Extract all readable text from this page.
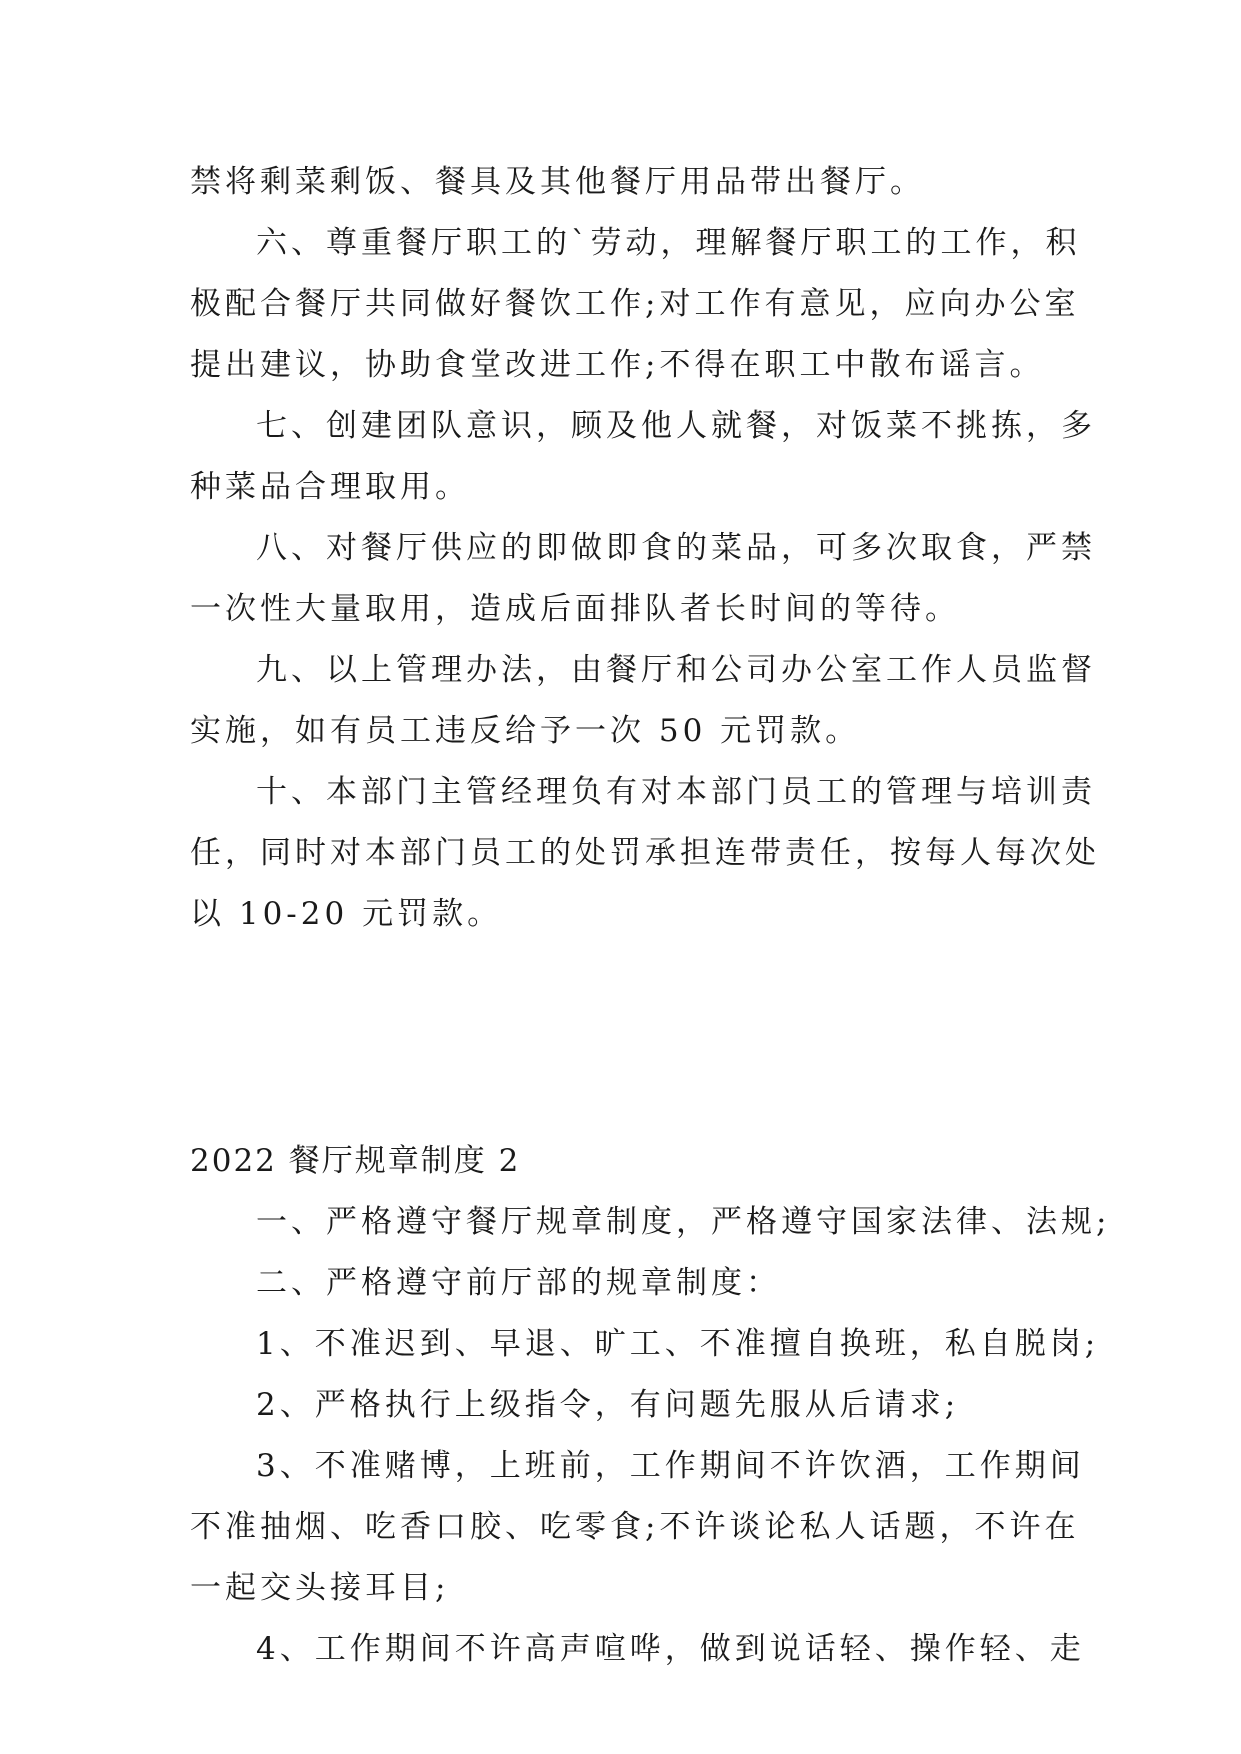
禁将剩菜剩饭、餐具及其他餐厅用品带出餐厅。
六、尊重餐厅职工的`劳动，理解餐厅职工的工作，积
极配合餐厅共同做好餐饮工作;对工作有意见，应向办公室
提出建议，协助食堂改进工作;不得在职工中散布谣言。
七、创建团队意识，顾及他人就餐，对饭菜不挑拣，多
种菜品合理取用。
八、对餐厅供应的即做即食的菜品，可多次取食，严禁
一次性大量取用，造成后面排队者长时间的等待。
九、以上管理办法，由餐厅和公司办公室工作人员监督
实施，如有员工违反给予一次 50 元罚款。
十、本部门主管经理负有对本部门员工的管理与培训责
任，同时对本部门员工的处罚承担连带责任，按每人每次处
以 10-20 元罚款。
2022 餐厅规章制度 2
一、严格遵守餐厅规章制度，严格遵守国家法律、法规;
二、严格遵守前厅部的规章制度：
1、不准迟到、早退、旷工、不准擅自换班，私自脱岗;
2、严格执行上级指令，有问题先服从后请求;
3、不准赌博，上班前，工作期间不许饮酒，工作期间
不准抽烟、吃香口胶、吃零食;不许谈论私人话题，不许在
一起交头接耳目;
4、工作期间不许高声喧哗，做到说话轻、操作轻、走
